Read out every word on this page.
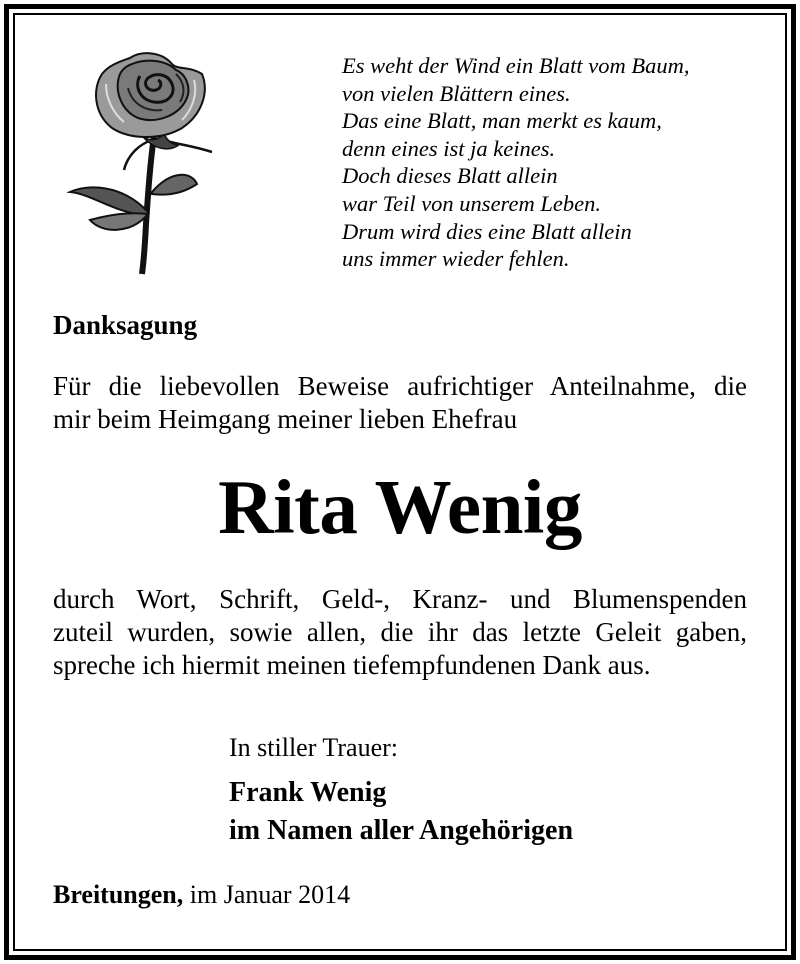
Es weht der Wind ein Blatt vom Baum,
von vielen Blättern eines.
Das eine Blatt, man merkt es kaum,
denn eines ist ja keines.
Doch dieses Blatt allein
war Teil von unserem Leben.
Drum wird dies eine Blatt allein
uns immer wieder fehlen.
Danksagung
Für die liebevollen Beweise aufrichtiger Anteilnahme, die
mir beim Heimgang meiner lieben Ehefrau
Rita Wenig
durch Wort, Schrift, Geld-, Kranz- und Blumenspenden
zuteil wurden, sowie allen, die ihr das letzte Geleit gaben,
spreche ich hiermit meinen tiefempfundenen Dank aus.
In stiller Trauer:
Frank Wenig
im Namen aller Angehörigen
Breitungen, im Januar 2014
